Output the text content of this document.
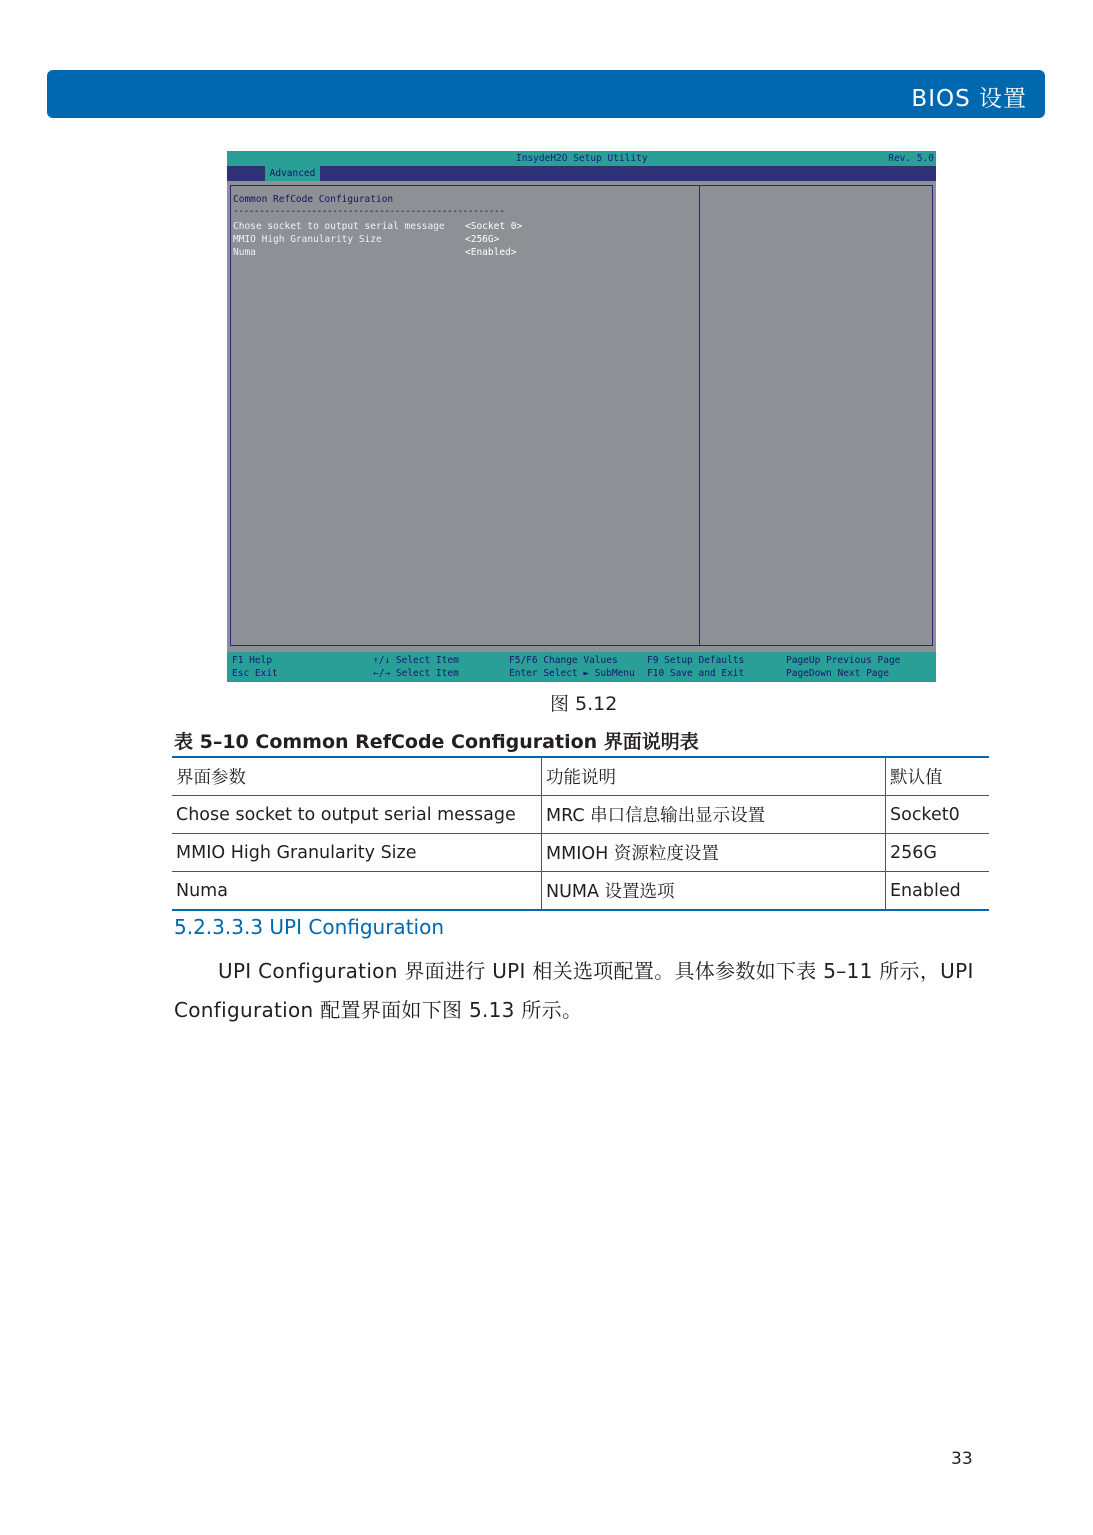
BIOS 设置
InsydeH2O Setup Utility	Rev. 5.0
Advanced
Common RefCode Configuration
----------------------------------------------------
Chose socket to output serial message <Socket 0>
MMIO High Granularity Size	<256G>
Numa	<Enabled>
F1 Help
Esc Exit
↑/↓ Select Item
←/→ Select Item
F5/F6 Change Values
Enter Select ► SubMenu
F9 Setup Defaults
F10 Save and Exit
PageUp Previous Page
PageDown Next Page
图 5.12
表 5–10 Common RefCode Configuration 界面说明表
界面参数	功能说明	默认值
Chose socket to output serial message	MRC 串口信息输出显示设置	Socket0
MMIO High Granularity Size	MMIOH 资源粒度设置	256G
Numa	NUMA 设置选项	Enabled
5.2.3.3.3 UPI Configuration
UPI Configuration 界面进行 UPI 相关选项配置。具体参数如下表 5–11 所示，UPI Configuration 配置界面如下图 5.13 所示。
33
